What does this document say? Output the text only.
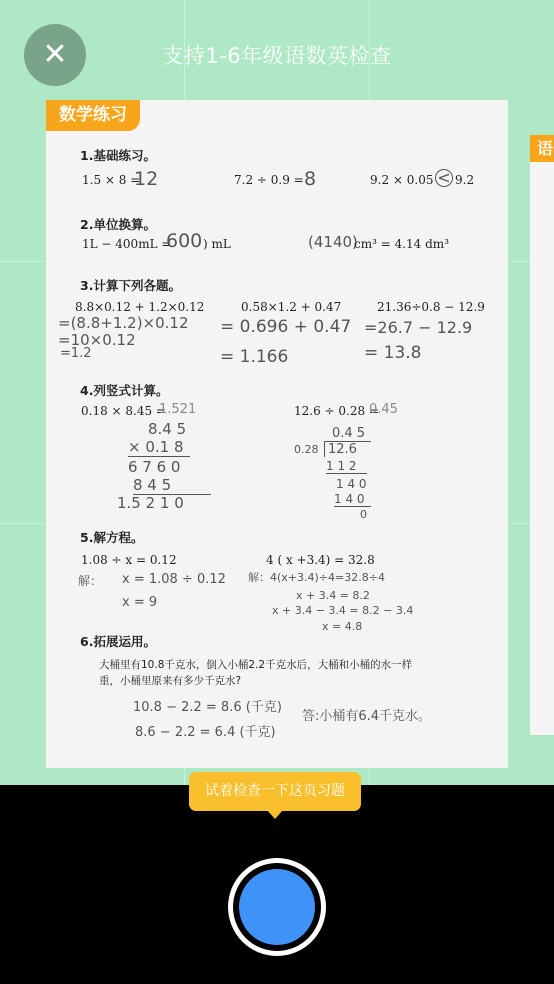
语
数学练习
1.基础练习。
1.5 × 8 =
12	7.2 ÷ 0.9 = 8	9.2 × 0.05 < 9.2
2.单位换算。
1L − 400mL =
600 ) mL	(4140)
cm³ = 4.14 dm³
3.计算下列各题。
8.8×0.12 + 1.2×0.12
=(8.8+1.2)×0.12
=10×0.12
=1.2
0.58×1.2 + 0.47
= 0.696 + 0.47
= 1.166
21.36÷0.8 − 12.9
=26.7 − 12.9
= 13.8
4.列竖式计算。
0.18 × 8.45 =
1.521
8.4 5
× 0.1 8
6 7 6 0
8 4 5
1.5 2 1 0
12.6 ÷ 0.28 =
0.45
0.4 5
0.28 12.6
1 1 2
1 4 0
1 4 0
0
5.解方程。
1.08 ÷ x = 0.12
解： x = 1.08 ÷ 0.12
x = 9
4 ( x +3.4) = 32.8
解：4(x+3.4)÷4=32.8÷4
x + 3.4 = 8.2
x + 3.4 − 3.4 = 8.2 − 3.4
x = 4.8
6.拓展运用。
大桶里有10.8千克水，倒入小桶2.2千克水后，大桶和小桶的水一样
重，小桶里原来有多少千克水?
10.8 − 2.2 = 8.6 (千克)
8.6 − 2.2 = 6.4 (千克)
答:小桶有6.4千克水。
✕	支持1-6年级语数英检查
试着检查一下这页习题
